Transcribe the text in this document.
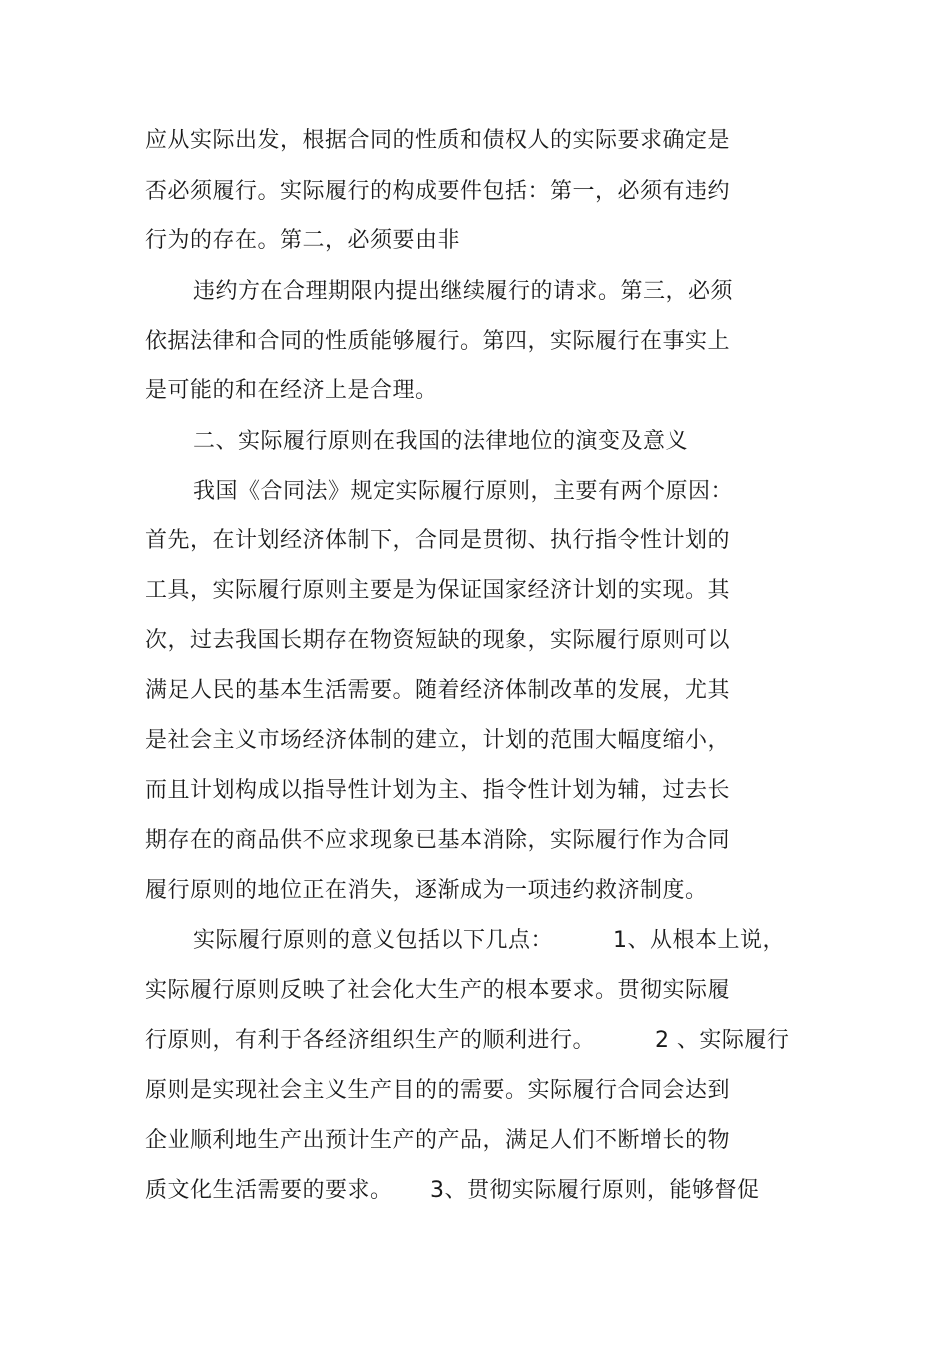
应从实际出发，根据合同的性质和债权人的实际要求确定是
否必须履行。实际履行的构成要件包括：第一，必须有违约
行为的存在。第二，必须要由非
违约方在合理期限内提出继续履行的请求。第三，必须
依据法律和合同的性质能够履行。第四，实际履行在事实上
是可能的和在经济上是合理。
二、实际履行原则在我国的法律地位的演变及意义
我国《合同法》规定实际履行原则，主要有两个原因：
首先，在计划经济体制下，合同是贯彻、执行指令性计划的
工具，实际履行原则主要是为保证国家经济计划的实现。其
次，过去我国长期存在物资短缺的现象，实际履行原则可以
满足人民的基本生活需要。随着经济体制改革的发展，尤其
是社会主义市场经济体制的建立，计划的范围大幅度缩小，
而且计划构成以指导性计划为主、指令性计划为辅，过去长
期存在的商品供不应求现象已基本消除，实际履行作为合同
履行原则的地位正在消失，逐渐成为一项违约救济制度。
实际履行原则的意义包括以下几点：        1、从根本上说，
实际履行原则反映了社会化大生产的根本要求。贯彻实际履
行原则，有利于各经济组织生产的顺利进行。        2 、实际履行
原则是实现社会主义生产目的的需要。实际履行合同会达到
企业顺利地生产出预计生产的产品，满足人们不断增长的物
质文化生活需要的要求。     3、贯彻实际履行原则，能够督促
